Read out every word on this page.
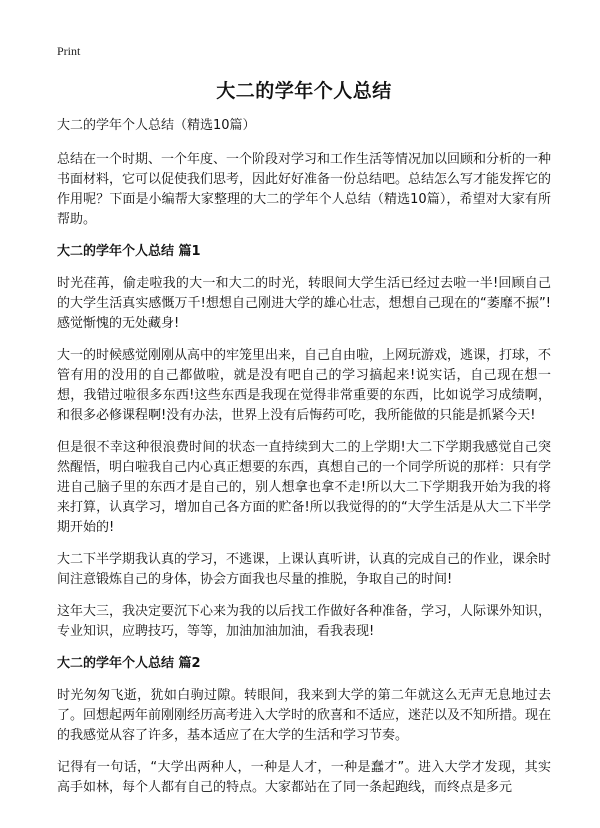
Print
大二的学年个人总结
大二的学年个人总结（精选10篇）

总结在一个时期、一个年度、一个阶段对学习和工作生活等情况加以回顾和分析的一种书面材料，它可以促使我们思考，因此好好准备一份总结吧。总结怎么写才能发挥它的作用呢？下面是小编帮大家整理的大二的学年个人总结（精选10篇），希望对大家有所帮助。

大二的学年个人总结 篇1

时光荏苒，偷走啦我的大一和大二的时光，转眼间大学生活已经过去啦一半!回顾自己的大学生活真实感慨万千!想想自己刚进大学的雄心壮志，想想自己现在的“萎靡不振”!感觉惭愧的无处藏身!

大一的时候感觉刚刚从高中的牢笼里出来，自己自由啦，上网玩游戏，逃课，打球，不管有用的没用的自己都做啦，就是没有吧自己的学习搞起来!说实话，自己现在想一想，我错过啦很多东西!这些东西是我现在觉得非常重要的东西，比如说学习成绩啊，和很多必修课程啊!没有办法，世界上没有后悔药可吃，我所能做的只能是抓紧今天!

但是很不幸这种很浪费时间的状态一直持续到大二的上学期!大二下学期我感觉自己突然醒悟，明白啦我自己内心真正想要的东西，真想自己的一个同学所说的那样：只有学进自己脑子里的东西才是自己的，别人想拿也拿不走!所以大二下学期我开始为我的将来打算，认真学习，增加自己各方面的贮备!所以我觉得的的“大学生活是从大二下半学期开始的!

大二下半学期我认真的学习，不逃课，上课认真听讲，认真的完成自己的作业，课余时间注意锻炼自己的身体，协会方面我也尽量的推脱，争取自己的时间!

这年大三，我决定要沉下心来为我的以后找工作做好各种准备，学习，人际课外知识，专业知识，应聘技巧，等等，加油加油加油，看我表现!

大二的学年个人总结 篇2

时光匆匆飞逝，犹如白驹过隙。转眼间，我来到大学的第二年就这么无声无息地过去了。回想起两年前刚刚经历高考进入大学时的欣喜和不适应，迷茫以及不知所措。现在的我感觉从容了许多，基本适应了在大学的生活和学习节奏。

记得有一句话，“大学出两种人，一种是人才，一种是蠢才”。进入大学才发现，其实高手如林，每个人都有自己的特点。大家都站在了同一条起跑线，而终点是多元
